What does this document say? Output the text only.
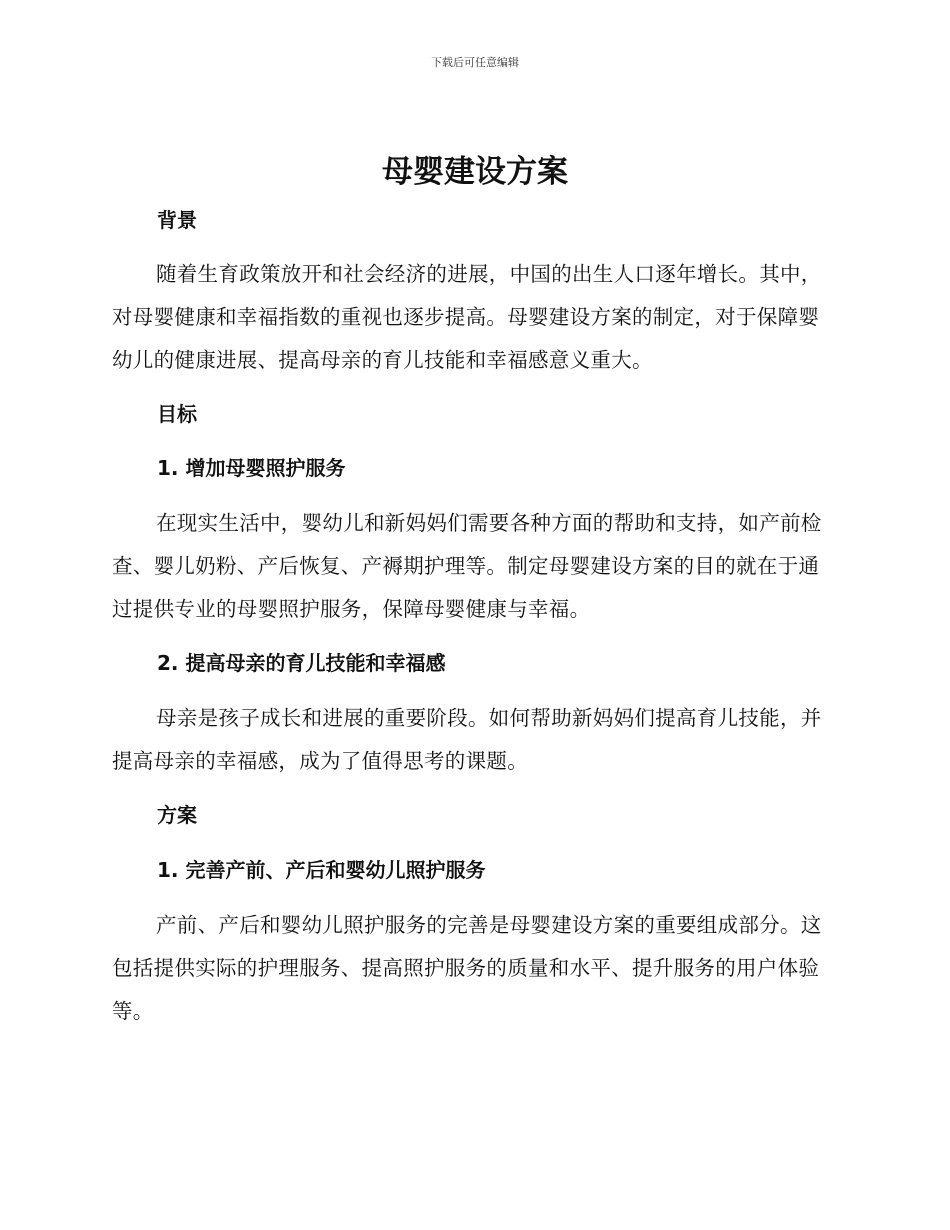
下载后可任意编辑
母婴建设方案
背景
随着生育政策放开和社会经济的进展，中国的出生人口逐年增长。其中，对母婴健康和幸福指数的重视也逐步提高。母婴建设方案的制定，对于保障婴幼儿的健康进展、提高母亲的育儿技能和幸福感意义重大。
目标
1. 增加母婴照护服务
在现实生活中，婴幼儿和新妈妈们需要各种方面的帮助和支持，如产前检查、婴儿奶粉、产后恢复、产褥期护理等。制定母婴建设方案的目的就在于通过提供专业的母婴照护服务，保障母婴健康与幸福。
2. 提高母亲的育儿技能和幸福感
母亲是孩子成长和进展的重要阶段。如何帮助新妈妈们提高育儿技能，并提高母亲的幸福感，成为了值得思考的课题。
方案
1. 完善产前、产后和婴幼儿照护服务
产前、产后和婴幼儿照护服务的完善是母婴建设方案的重要组成部分。这包括提供实际的护理服务、提高照护服务的质量和水平、提升服务的用户体验等。
